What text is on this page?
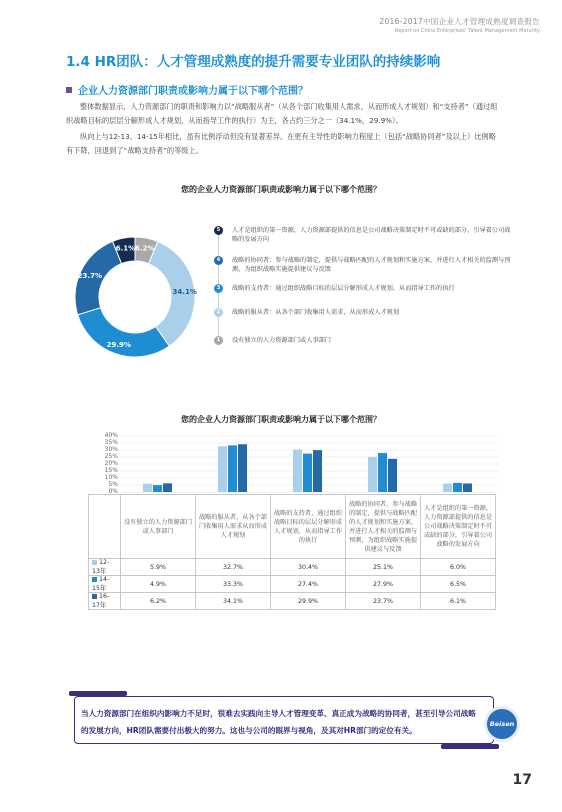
2016-2017中国企业人才管理成熟度调查报告
Report on China Enterprises' Talent Management Maturity
1.4 HR团队：人才管理成熟度的提升需要专业团队的持续影响
企业人力资源部门职责或影响力属于以下哪个范围？

整体数据显示，人力资源部门的职责和影响力以“战略服从者”（从各个部门收集用人需求，从而形成人才规划）和“支持者”（通过组织战略目标的层层分解形成人才规划，从而指导工作的执行）为主，各占约三分之一（34.1%，29.9%）。

纵向上与12-13、14-15年相比，虽有比例浮动但没有显著差异。在更有主导性的影响力程度上（包括“战略协同者”及以上）比例略有下降，回退到了“战略支持者”的等级上。

您的企业人力资源部门职责或影响力属于以下哪个范围？
6.2%
34.1%
29.9%
23.7%
6.1%
5	人才是组织的第一资源，人力资源部提供的信息是公司战略决策制定时不可或缺的部分，引导着公司战略的发展方向
4	战略的协同者：参与战略的制定，提供与战略匹配的人才规划和实施方案，并进行人才相关的监测与预测，为组织战略实施提供建议与反馈
3	战略的支持者：通过组织战略目标的层层分解形成人才规划，从而指导工作的执行
2	战略的服从者：从各个部门收集用人需求，从而形成人才规划
1	没有独立的人力资源部门或人事部门
您的企业人力资源部门职责或影响力属于以下哪个范围？
	没有独立的人力资源部门或人事部门	战略的服从者，从各个部门收集用人需求从而形成人才规划	战略的支持者，通过组织战略目标的层层分解形成人才规划，从而指导工作的执行	战略的协同者，参与战略的制定，提供与战略匹配的人才规划和实施方案，并进行人才相关的监测与预测，为组织战略实施提供建议与反馈	人才是组织的第一资源，人力资源部提供的信息是公司战略决策制定时不可或缺的部分，引导着公司战略的发展方向
12-13年	5.9%	32.7%	30.4%	25.1%	6.0%
14-15年	4.9%	33.3%	27.4%	27.9%	6.5%
16-17年	6.2%	34.1%	29.9%	23.7%	6.1%
当人力资源部门在组织内影响力不足时，很难去实践向主导人才管理变革、真正成为战略的协同者，甚至引导公司战略的发展方向，HR团队需要付出极大的努力。这也与公司的眼界与视角，及其对HR部门的定位有关。
Beisen
17
40%
35%
30%
25%
20%
15%
10%
5%
0%
